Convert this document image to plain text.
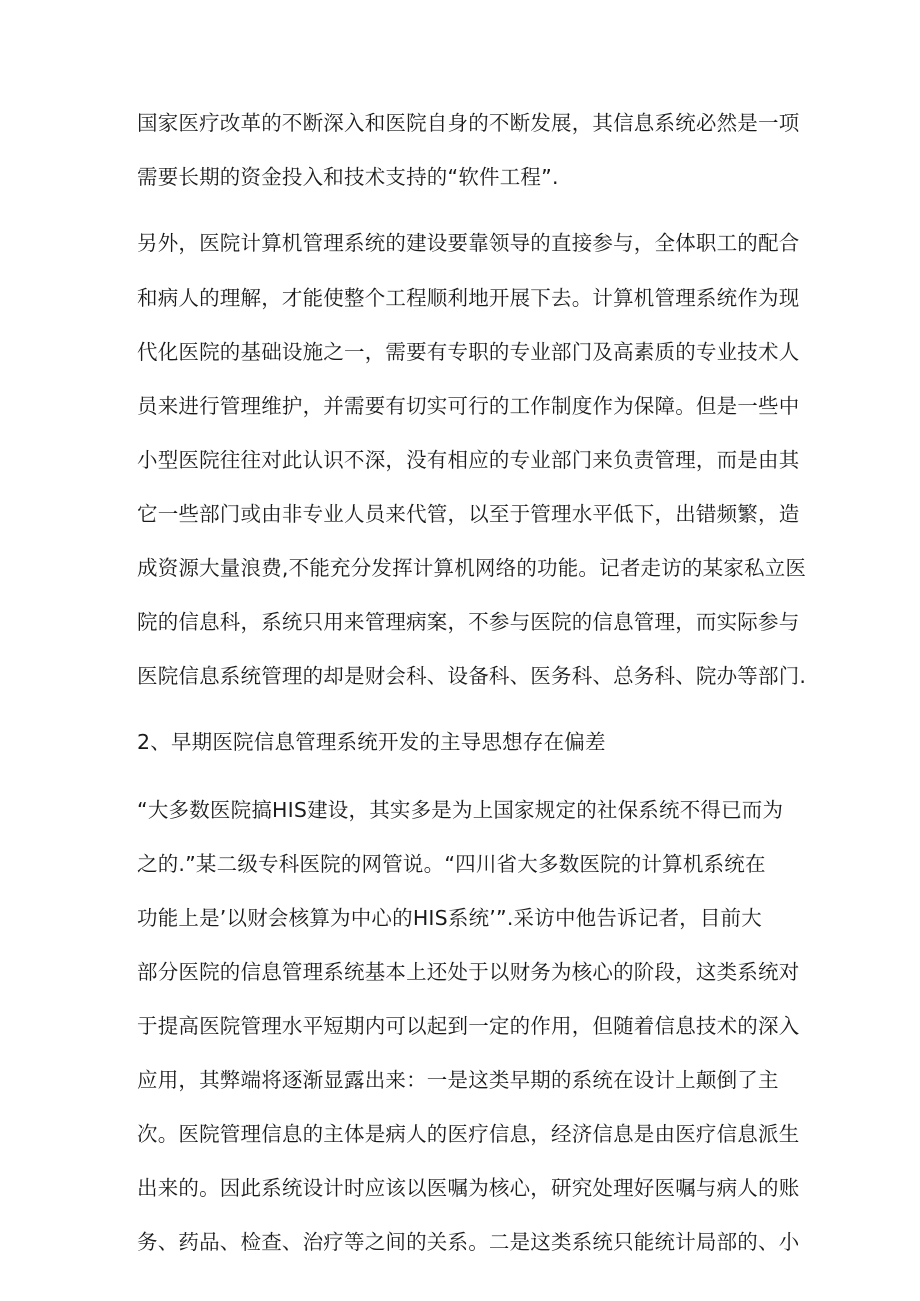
国家医疗改革的不断深入和医院自身的不断发展，其信息系统必然是一项
需要长期的资金投入和技术支持的“软件工程”.
另外，医院计算机管理系统的建设要靠领导的直接参与，全体职工的配合
和病人的理解，才能使整个工程顺利地开展下去。计算机管理系统作为现
代化医院的基础设施之一，需要有专职的专业部门及高素质的专业技术人
员来进行管理维护，并需要有切实可行的工作制度作为保障。但是一些中
小型医院往往对此认识不深，没有相应的专业部门来负责管理，而是由其
它一些部门或由非专业人员来代管，以至于管理水平低下，出错频繁，造
成资源大量浪费,不能充分发挥计算机网络的功能。记者走访的某家私立医
院的信息科，系统只用来管理病案，不参与医院的信息管理，而实际参与
医院信息系统管理的却是财会科、设备科、医务科、总务科、院办等部门.
2、早期医院信息管理系统开发的主导思想存在偏差
“大多数医院搞HIS建设，其实多是为上国家规定的社保系统不得已而为
之的.”某二级专科医院的网管说。“四川省大多数医院的计算机系统在
功能上是’以财会核算为中心的HIS系统’”.采访中他告诉记者，目前大
部分医院的信息管理系统基本上还处于以财务为核心的阶段，这类系统对
于提高医院管理水平短期内可以起到一定的作用，但随着信息技术的深入
应用，其弊端将逐渐显露出来：一是这类早期的系统在设计上颠倒了主
次。医院管理信息的主体是病人的医疗信息，经济信息是由医疗信息派生
出来的。因此系统设计时应该以医嘱为核心，研究处理好医嘱与病人的账
务、药品、检查、治疗等之间的关系。二是这类系统只能统计局部的、小
